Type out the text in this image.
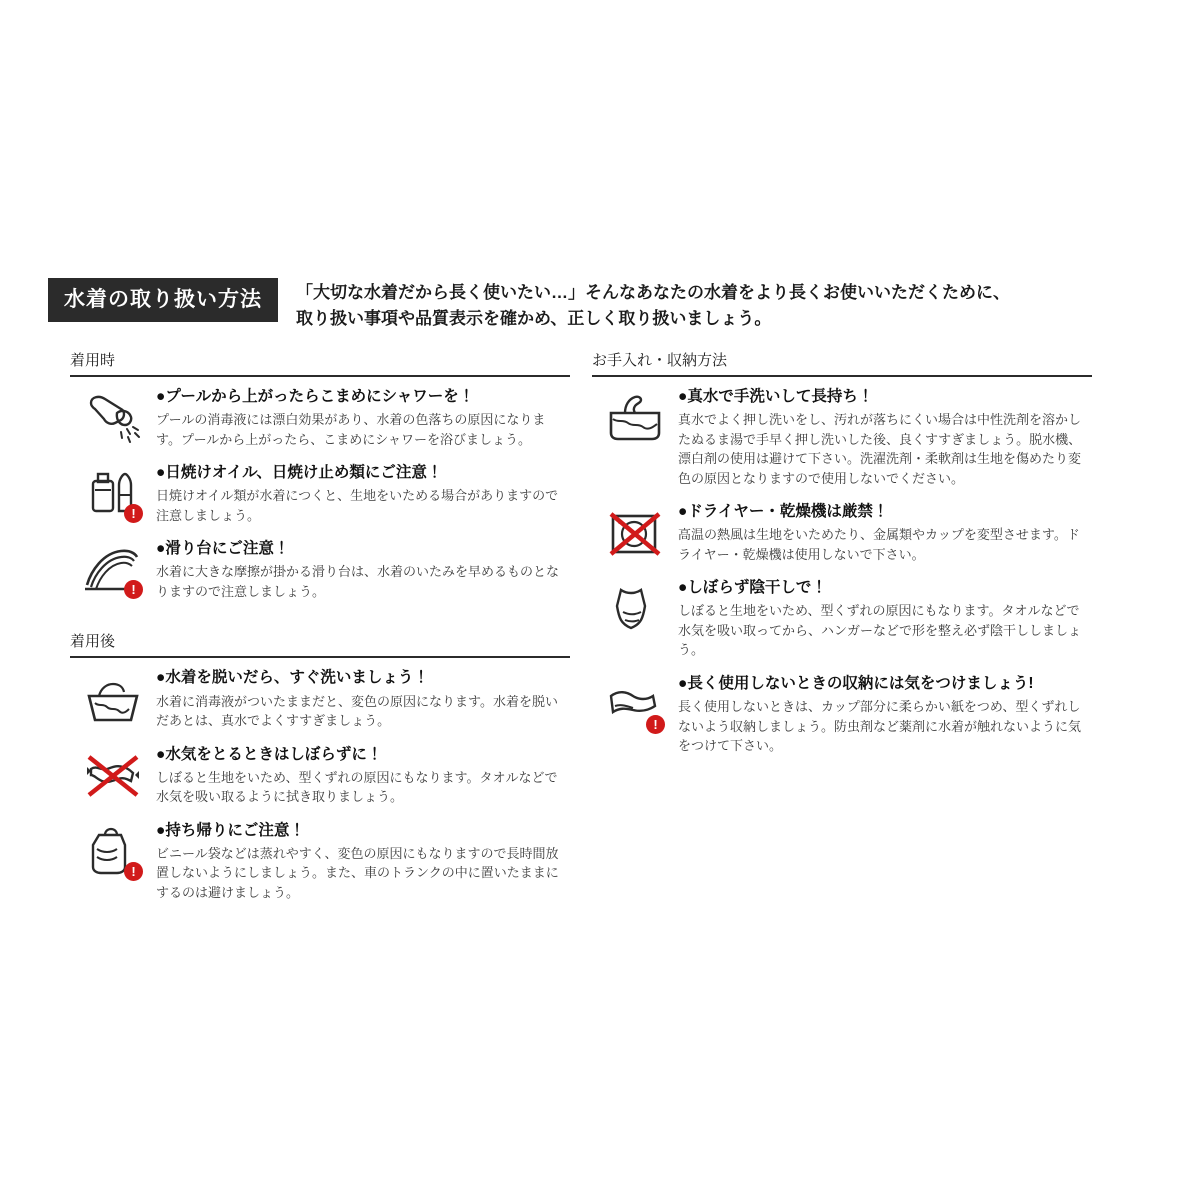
水着の取り扱い方法	「大切な水着だから長く使いたい…」そんなあなたの水着をより長くお使いいただくために、
取り扱い事項や品質表示を確かめ、正しく取り扱いましょう。
着用時
●プールから上がったらこまめにシャワーを！
プールの消毒液には漂白効果があり、水着の色落ちの原因になります。プールから上がったら、こまめにシャワーを浴びましょう。
!
●日焼けオイル、日焼け止め類にご注意！
日焼けオイル類が水着につくと、生地をいためる場合がありますので注意しましょう。
!
●滑り台にご注意！
水着に大きな摩擦が掛かる滑り台は、水着のいたみを早めるものとなりますので注意しましょう。
着用後
●水着を脱いだら、すぐ洗いましょう！
水着に消毒液がついたままだと、変色の原因になります。水着を脱いだあとは、真水でよくすすぎましょう。
●水気をとるときはしぼらずに！
しぼると生地をいため、型くずれの原因にもなります。タオルなどで水気を吸い取るように拭き取りましょう。
!
●持ち帰りにご注意！
ビニール袋などは蒸れやすく、変色の原因にもなりますので長時間放置しないようにしましょう。また、車のトランクの中に置いたままにするのは避けましょう。
お手入れ・収納方法
●真水で手洗いして長持ち！
真水でよく押し洗いをし、汚れが落ちにくい場合は中性洗剤を溶かしたぬるま湯で手早く押し洗いした後、良くすすぎましょう。脱水機、漂白剤の使用は避けて下さい。洗濯洗剤・柔軟剤は生地を傷めたり変色の原因となりますので使用しないでください。
●ドライヤー・乾燥機は厳禁！
高温の熱風は生地をいためたり、金属類やカップを変型させます。ドライヤー・乾燥機は使用しないで下さい。
●しぼらず陰干しで！
しぼると生地をいため、型くずれの原因にもなります。タオルなどで水気を吸い取ってから、ハンガーなどで形を整え必ず陰干ししましょう。
!
●長く使用しないときの収納には気をつけましょう!
長く使用しないときは、カップ部分に柔らかい紙をつめ、型くずれしないよう収納しましょう。防虫剤など薬剤に水着が触れないように気をつけて下さい。
